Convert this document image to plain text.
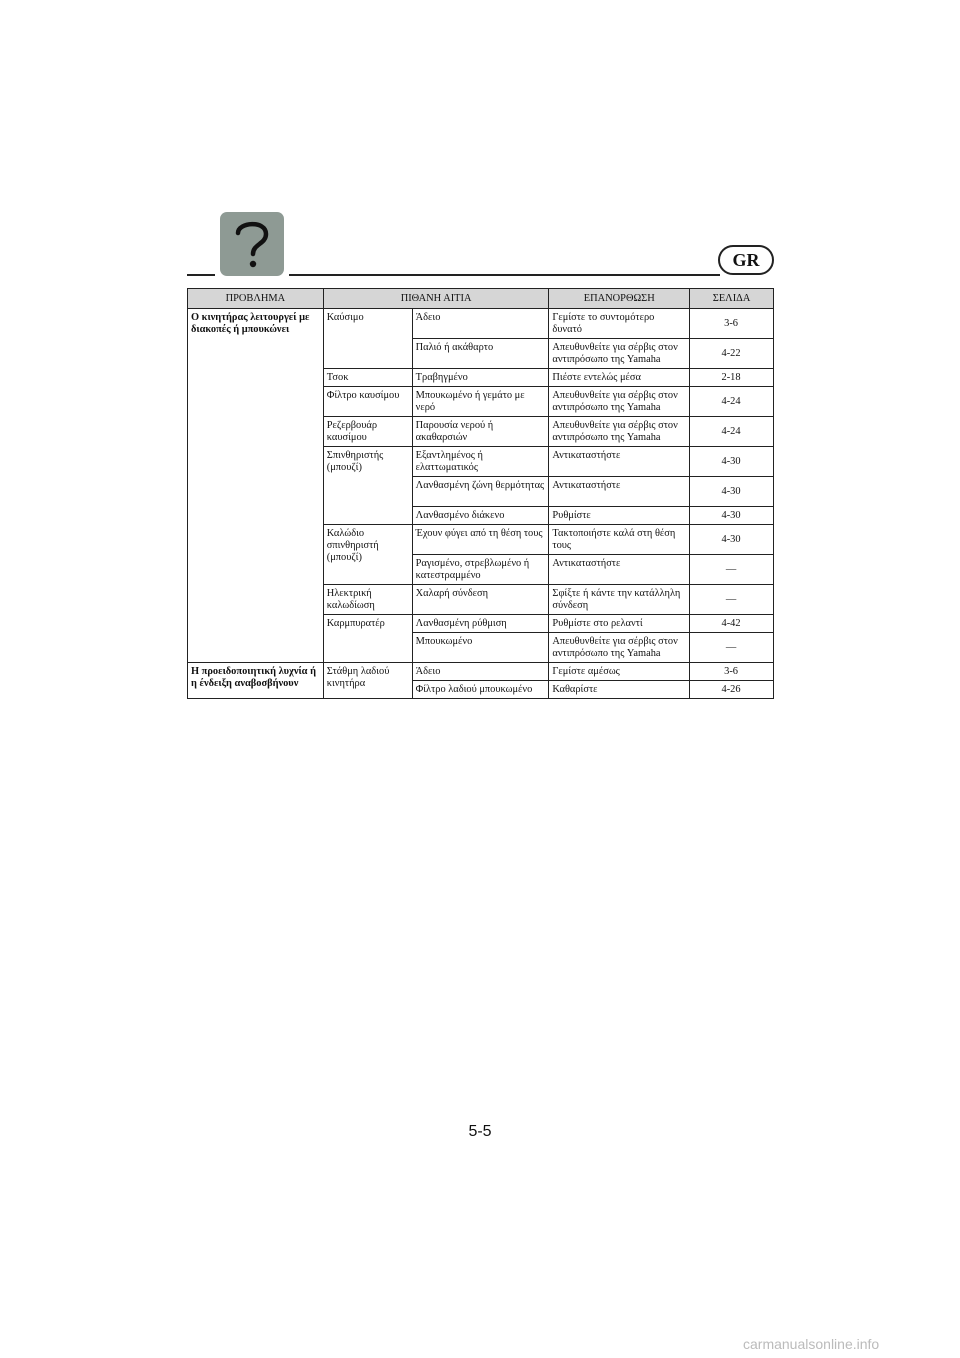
GR
ΠΡΟΒΛΗΜΑ	ΠΙΘΑΝΗ ΑΙΤΙΑ		ΕΠΑΝΟΡΘΩΣΗ	ΣΕΛΙΔΑ
Ο κινητήρας λειτουργεί με διακοπές ή μπουκώνει	Καύσιμο	Άδειο	Γεμίστε το συντομότερο δυνατό	3-6
		Παλιό ή ακάθαρτο	Απευθυνθείτε για σέρβις στον αντιπρόσωπο της Yamaha	4-22
	Τσοκ	Τραβηγμένο	Πιέστε εντελώς μέσα	2-18
	Φίλτρο καυσίμου	Μπουκωμένο ή γεμάτο με νερό	Απευθυνθείτε για σέρβις στον αντιπρόσωπο της Yamaha	4-24
	Ρεζερβουάρ καυσίμου	Παρουσία νερού ή ακαθαρσιών	Απευθυνθείτε για σέρβις στον αντιπρόσωπο της Yamaha	4-24
	Σπινθηριστής (μπουζί)	Εξαντλημένος ή ελαττωματικός	Αντικαταστήστε	4-30
		Λανθασμένη ζώνη θερμότητας	Αντικαταστήστε	4-30
		Λανθασμένο διάκενο	Ρυθμίστε	4-30
	Καλώδιο σπινθηριστή (μπουζί)	Έχουν φύγει από τη θέση τους	Τακτοποιήστε καλά στη θέση τους	4-30
		Ραγισμένο, στρεβλωμένο ή κατεστραμμένο	Αντικαταστήστε	—
	Ηλεκτρική καλωδίωση	Χαλαρή σύνδεση	Σφίξτε ή κάντε την κατάλληλη σύνδεση	—
	Καρμπυρατέρ	Λανθασμένη ρύθμιση	Ρυθμίστε στο ρελαντί	4-42
		Μπουκωμένο	Απευθυνθείτε για σέρβις στον αντιπρόσωπο της Yamaha	—
Η προειδοποιητική λυχνία ή η ένδειξη αναβοσβήνουν	Στάθμη λαδιού κινητήρα	Άδειο	Γεμίστε αμέσως	3-6
		Φίλτρο λαδιού μπουκωμένο	Καθαρίστε	4-26
5-5
carmanualsonline.info
